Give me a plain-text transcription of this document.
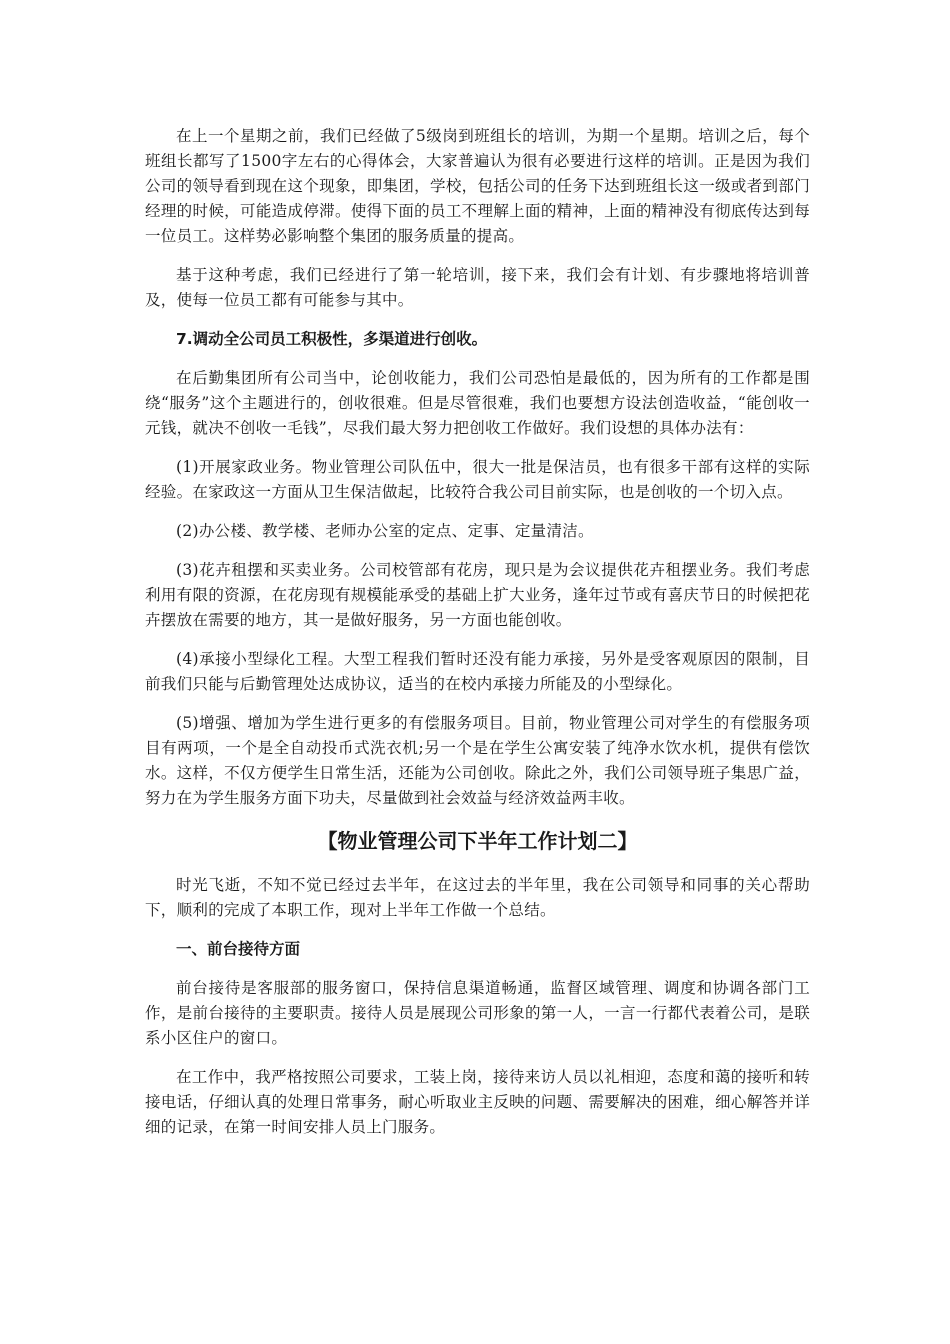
在上一个星期之前，我们已经做了5级岗到班组长的培训，为期一个星期。培训之后，每个班组长都写了1500字左右的心得体会，大家普遍认为很有必要进行这样的培训。正是因为我们公司的领导看到现在这个现象，即集团，学校，包括公司的任务下达到班组长这一级或者到部门经理的时候，可能造成停滞。使得下面的员工不理解上面的精神，上面的精神没有彻底传达到每一位员工。这样势必影响整个集团的服务质量的提高。

基于这种考虑，我们已经进行了第一轮培训，接下来，我们会有计划、有步骤地将培训普及，使每一位员工都有可能参与其中。

7.调动全公司员工积极性，多渠道进行创收。

在后勤集团所有公司当中，论创收能力，我们公司恐怕是最低的，因为所有的工作都是围绕“服务”这个主题进行的，创收很难。但是尽管很难，我们也要想方设法创造收益，“能创收一元钱，就决不创收一毛钱”，尽我们最大努力把创收工作做好。我们设想的具体办法有：

(1)开展家政业务。物业管理公司队伍中，很大一批是保洁员，也有很多干部有这样的实际经验。在家政这一方面从卫生保洁做起，比较符合我公司目前实际，也是创收的一个切入点。

(2)办公楼、教学楼、老师办公室的定点、定事、定量清洁。

(3)花卉租摆和买卖业务。公司校管部有花房，现只是为会议提供花卉租摆业务。我们考虑利用有限的资源，在花房现有规模能承受的基础上扩大业务，逢年过节或有喜庆节日的时候把花卉摆放在需要的地方，其一是做好服务，另一方面也能创收。

(4)承接小型绿化工程。大型工程我们暂时还没有能力承接，另外是受客观原因的限制，目前我们只能与后勤管理处达成协议，适当的在校内承接力所能及的小型绿化。

(5)增强、增加为学生进行更多的有偿服务项目。目前，物业管理公司对学生的有偿服务项目有两项，一个是全自动投币式洗衣机;另一个是在学生公寓安装了纯净水饮水机，提供有偿饮水。这样，不仅方便学生日常生活，还能为公司创收。除此之外，我们公司领导班子集思广益，努力在为学生服务方面下功夫，尽量做到社会效益与经济效益两丰收。

【物业管理公司下半年工作计划二】

时光飞逝，不知不觉已经过去半年，在这过去的半年里，我在公司领导和同事的关心帮助下，顺利的完成了本职工作，现对上半年工作做一个总结。

一、前台接待方面

前台接待是客服部的服务窗口，保持信息渠道畅通，监督区域管理、调度和协调各部门工作，是前台接待的主要职责。接待人员是展现公司形象的第一人，一言一行都代表着公司，是联系小区住户的窗口。

在工作中，我严格按照公司要求，工装上岗，接待来访人员以礼相迎，态度和蔼的接听和转接电话，仔细认真的处理日常事务，耐心听取业主反映的问题、需要解决的困难，细心解答并详细的记录，在第一时间安排人员上门服务。
